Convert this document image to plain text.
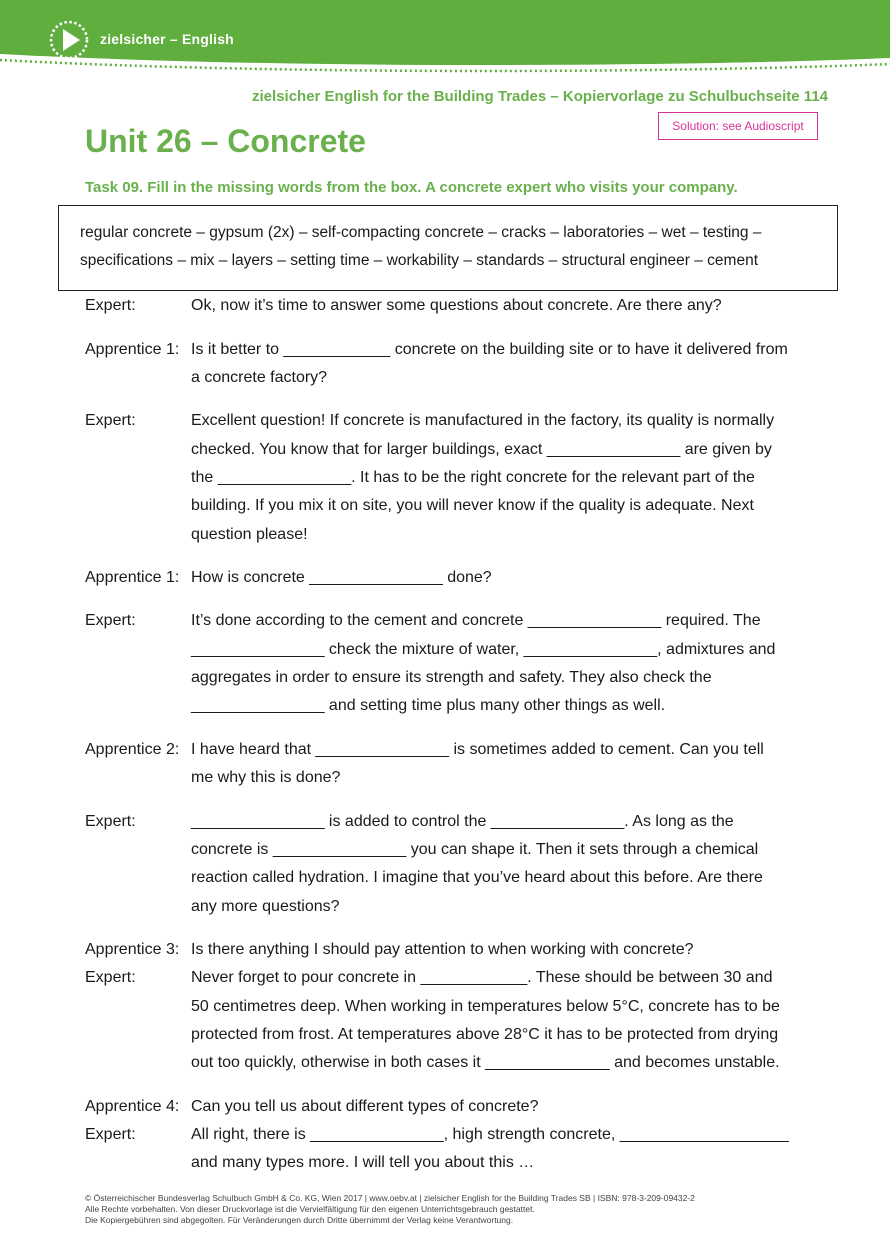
zielsicher – English
zielsicher English for the Building Trades – Kopiervorlage zu Schulbuchseite 114
Solution: see Audioscript
Unit 26 – Concrete
Task 09. Fill in the missing words from the box. A concrete expert who visits your company.
regular concrete – gypsum (2x) – self-compacting concrete – cracks – laboratories – wet – testing –
specifications – mix – layers – setting time – workability – standards – structural engineer – cement
Expert:	Ok, now it’s time to answer some questions about concrete. Are there any?
Apprentice 1: Is it better to ____________ concrete on the building site or to have it delivered from
a concrete factory?
Expert:	Excellent question! If concrete is manufactured in the factory, its quality is normally
checked. You know that for larger buildings, exact _______________ are given by
the _______________. It has to be the right concrete for the relevant part of the
building. If you mix it on site, you will never know if the quality is adequate. Next
question please!
Apprentice 1: How is concrete _______________ done?
Expert:	It’s done according to the cement and concrete _______________ required. The
_______________ check the mixture of water, _______________, admixtures and
aggregates in order to ensure its strength and safety. They also check the
_______________ and setting time plus many other things as well.
Apprentice 2: I have heard that _______________ is sometimes added to cement. Can you tell
me why this is done?
Expert:	_______________ is added to control the _______________. As long as the
concrete is _______________ you can shape it. Then it sets through a chemical
reaction called hydration. I imagine that you’ve heard about this before. Are there
any more questions?
Apprentice 3: Is there anything I should pay attention to when working with concrete?
Expert:	Never forget to pour concrete in ____________. These should be between 30 and
50 centimetres deep. When working in temperatures below 5°C, concrete has to be
protected from frost. At temperatures above 28°C it has to be protected from drying
out too quickly, otherwise in both cases it ______________ and becomes unstable.
Apprentice 4: Can you tell us about different types of concrete?
Expert:	All right, there is _______________, high strength concrete, ___________________
and many types more. I will tell you about this …
© Österreichischer Bundesverlag Schulbuch GmbH & Co. KG, Wien 2017 | www.oebv.at | zielsicher English for the Building Trades SB | ISBN: 978-3-209-09432-2
Alle Rechte vorbehalten. Von dieser Druckvorlage ist die Vervielfältigung für den eigenen Unterrichtsgebrauch gestattet.
Die Kopiergebühren sind abgegolten. Für Veränderungen durch Dritte übernimmt der Verlag keine Verantwortung.
